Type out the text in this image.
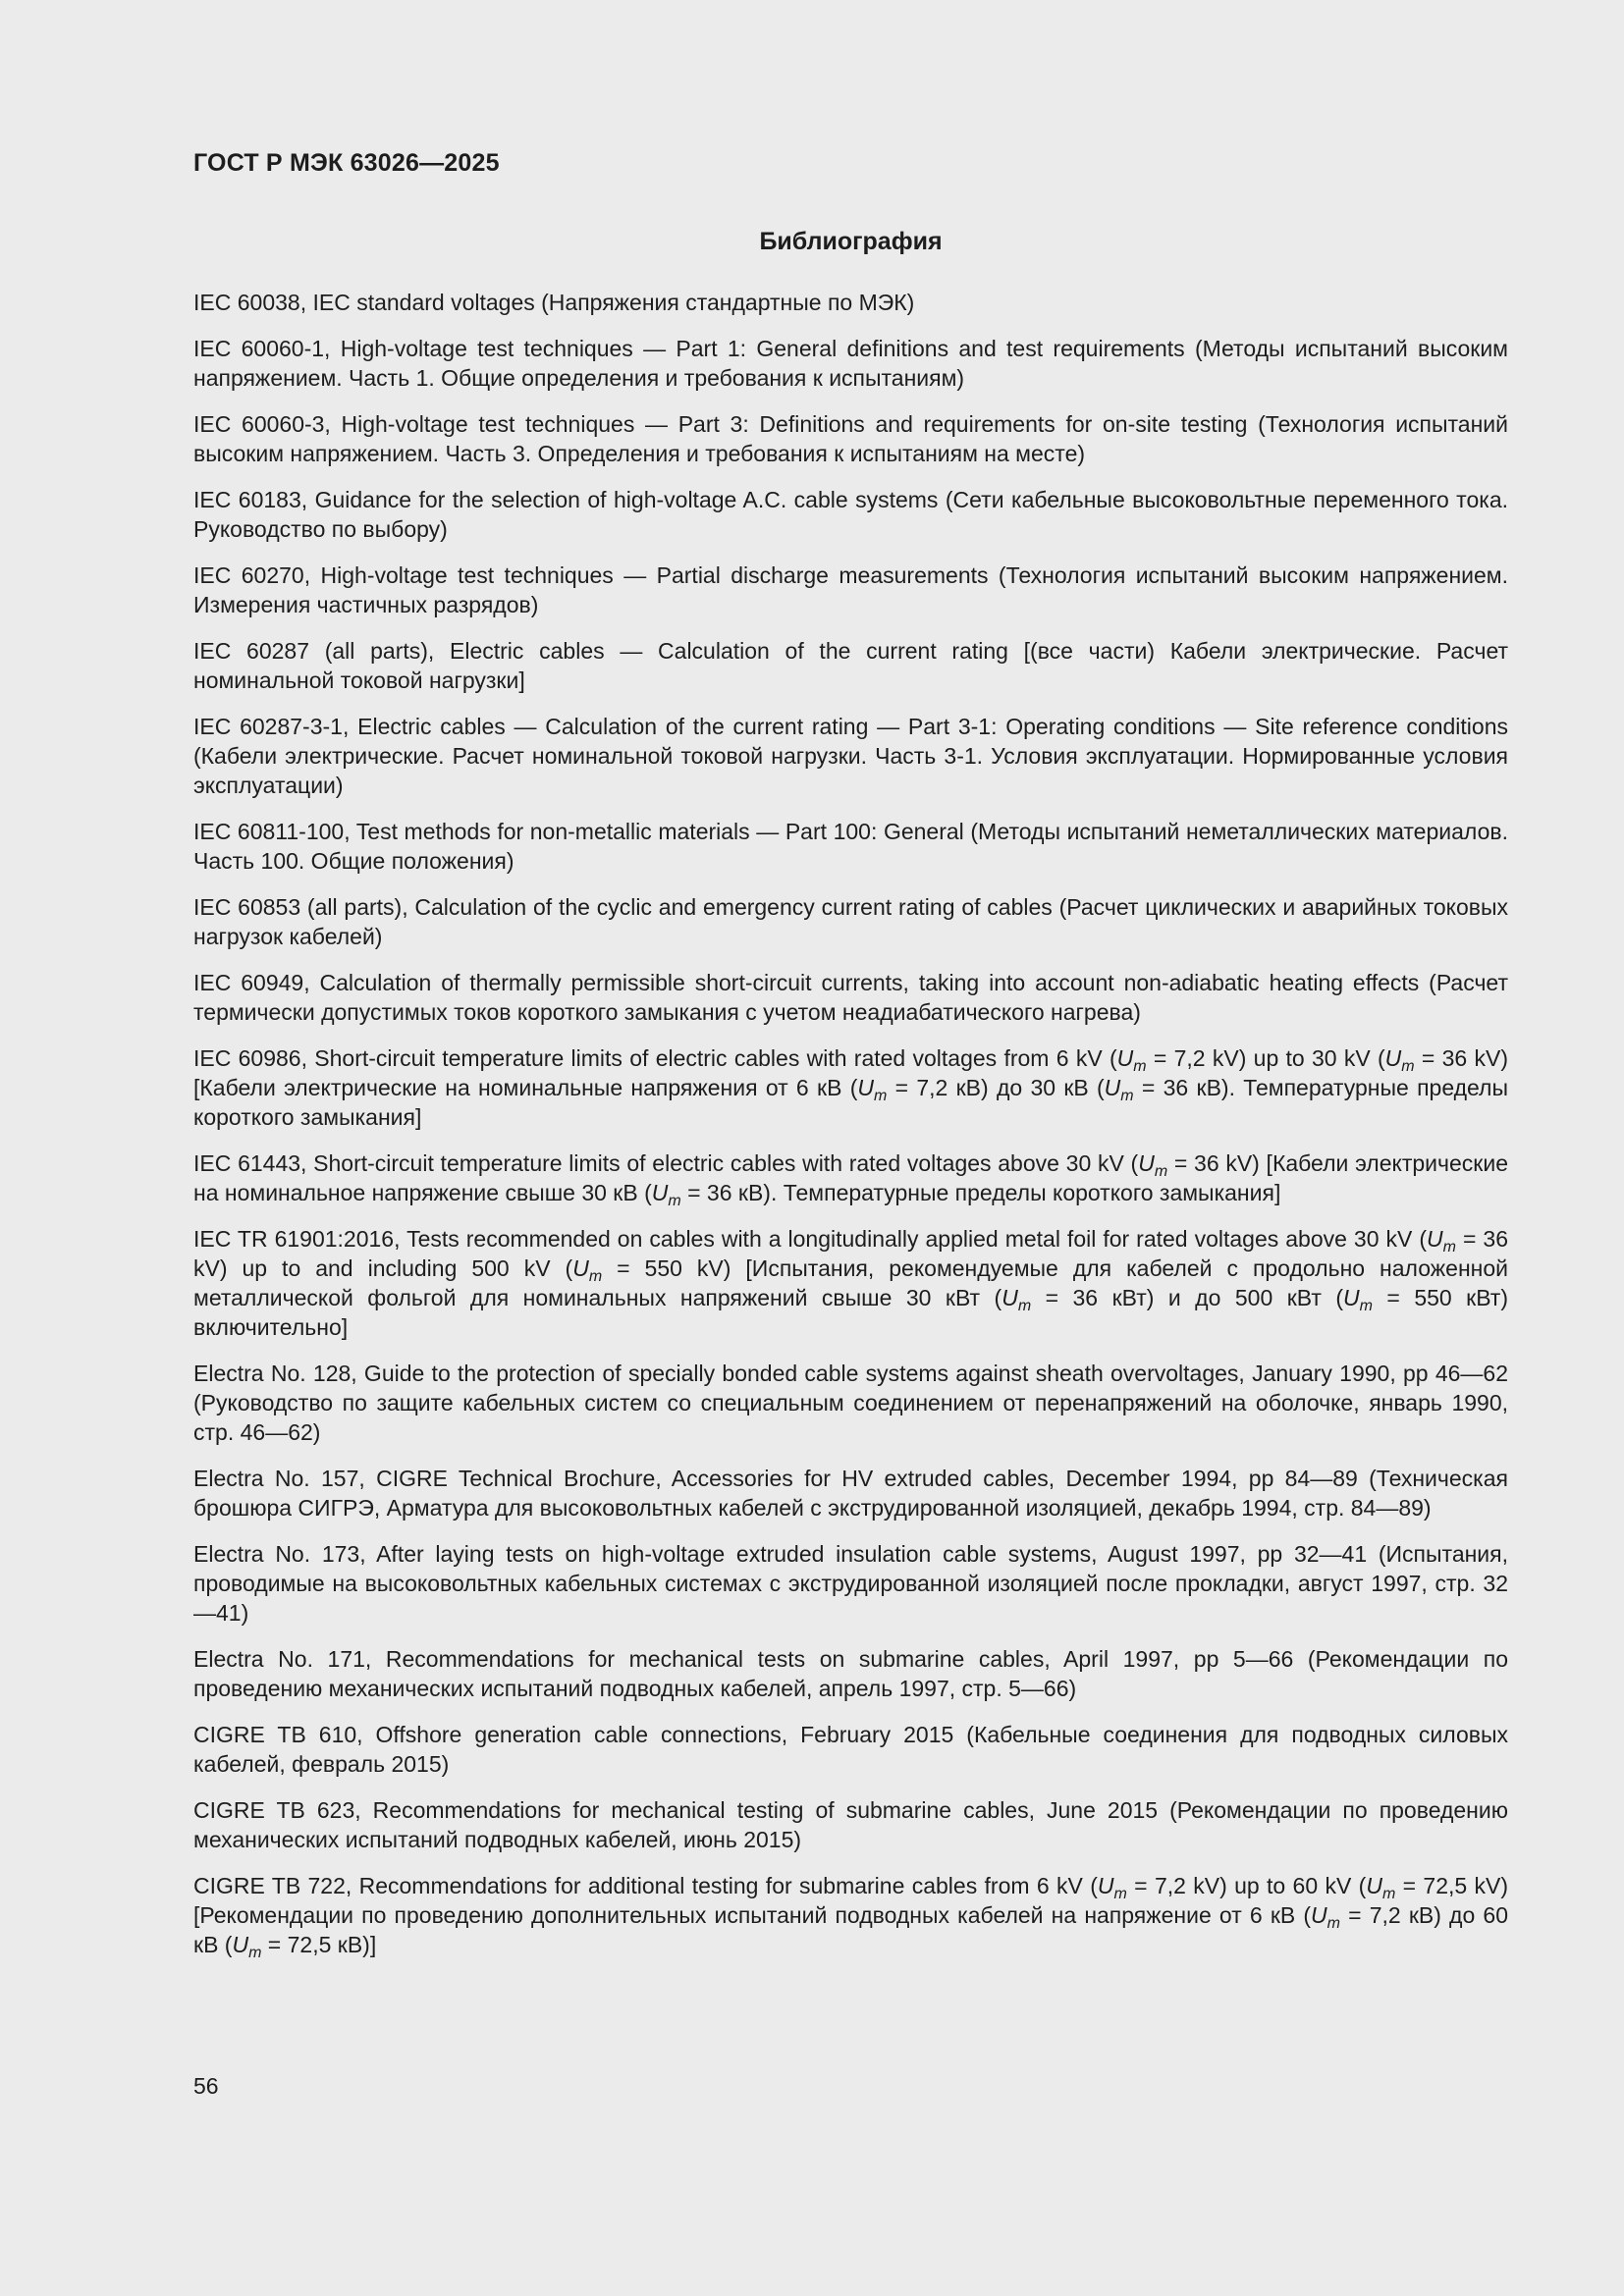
ГОСТ Р МЭК 63026—2025
Библиография

IEC 60038, IEC standard voltages (Напряжения стандартные по МЭК)

IEC 60060-1, High-voltage test techniques — Part 1: General definitions and test requirements (Методы испытаний высоким напряжением. Часть 1. Общие определения и требования к испытаниям)

IEC 60060-3, High-voltage test techniques — Part 3: Definitions and requirements for on-site testing (Технология испытаний высоким напряжением. Часть 3. Определения и требования к испытаниям на месте)

IEC 60183, Guidance for the selection of high-voltage A.C. cable systems (Сети кабельные высоковольтные переменного тока. Руководство по выбору)

IEC 60270, High-voltage test techniques — Partial discharge measurements (Технология испытаний высоким напряжением. Измерения частичных разрядов)

IEC 60287 (all parts), Electric cables — Calculation of the current rating [(все части) Кабели электрические. Расчет номинальной токовой нагрузки]

IEC 60287-3-1, Electric cables — Calculation of the current rating — Part 3-1: Operating conditions — Site reference conditions (Кабели электрические. Расчет номинальной токовой нагрузки. Часть 3-1. Условия эксплуатации. Нормированные условия эксплуатации)

IEC 60811-100, Test methods for non-metallic materials — Part 100: General (Методы испытаний неметаллических материалов. Часть 100. Общие положения)

IEC 60853 (all parts), Calculation of the cyclic and emergency current rating of cables (Расчет циклических и аварийных токовых нагрузок кабелей)

IEC 60949, Calculation of thermally permissible short-circuit currents, taking into account non-adiabatic heating effects (Расчет термически допустимых токов короткого замыкания с учетом неадиабатического нагрева)

IEC 60986, Short-circuit temperature limits of electric cables with rated voltages from 6 kV ($U_m = 7,2$ kV) up to 30 kV ($U_m = 36$ kV) [Кабели электрические на номинальные напряжения от 6 кВ ($U_m = 7,2$ кВ) до 30 кВ ($U_m = 36$ кВ). Температурные пределы короткого замыкания]

IEC 61443, Short-circuit temperature limits of electric cables with rated voltages above 30 kV ($U_m = 36$ kV) [Кабели электрические на номинальное напряжение свыше 30 кВ ($U_m = 36$ кВ). Температурные пределы короткого замыкания]

IEC TR 61901:2016, Tests recommended on cables with a longitudinally applied metal foil for rated voltages above 30 kV ($U_m = 36$ kV) up to and including 500 kV ($U_m = 550$ kV) [Испытания, рекомендуемые для кабелей с продольно наложенной металлической фольгой для номинальных напряжений свыше 30 кВт ($U_m = 36$ кВт) и до 500 кВт ($U_m = 550$ кВт) включительно]

Electra No. 128, Guide to the protection of specially bonded cable systems against sheath overvoltages, January 1990, pp 46—62 (Руководство по защите кабельных систем со специальным соединением от перенапряжений на оболочке, январь 1990, стр. 46—62)

Electra No. 157, CIGRE Technical Brochure, Accessories for HV extruded cables, December 1994, pp 84—89 (Техническая брошюра СИГРЭ, Арматура для высоковольтных кабелей с экструдированной изоляцией, декабрь 1994, стр. 84—89)

Electra No. 173, After laying tests on high-voltage extruded insulation cable systems, August 1997, pp 32—41 (Испытания, проводимые на высоковольтных кабельных системах с экструдированной изоляцией после прокладки, август 1997, стр. 32—41)

Electra No. 171, Recommendations for mechanical tests on submarine cables, April 1997, pp 5—66 (Рекомендации по проведению механических испытаний подводных кабелей, апрель 1997, стр. 5—66)

CIGRE TB 610, Offshore generation cable connections, February 2015 (Кабельные соединения для подводных силовых кабелей, февраль 2015)

CIGRE TB 623, Recommendations for mechanical testing of submarine cables, June 2015 (Рекомендации по проведению механических испытаний подводных кабелей, июнь 2015)

CIGRE TB 722, Recommendations for additional testing for submarine cables from 6 kV ($U_m = 7,2$ kV) up to 60 kV ($U_m = 72,5$ kV) [Рекомендации по проведению дополнительных испытаний подводных кабелей на напряжение от 6 кВ ($U_m = 7,2$ кВ) до 60 кВ ($U_m = 72,5$ кВ)]

56
